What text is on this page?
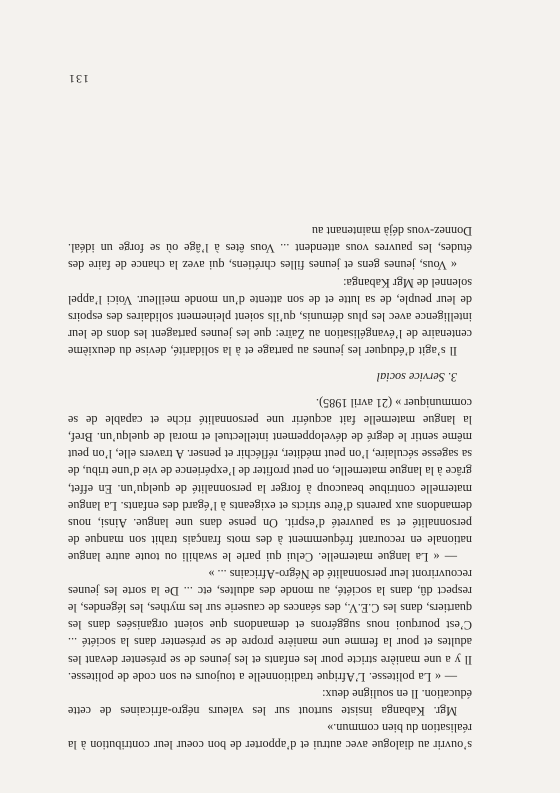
s’ouvrir au dialogue avec autrui et d’apporter de bon coeur leur contribution à la réalisation du bien commun.»

Mgr. Kabanga insiste surtout sur les valeurs négro-africaines de cette éducation. Il en souligne deux:

— « La politesse. L’Afrique traditionnelle a toujours eu son code de politesse. Il y a une manière stricte pour les enfants et les jeunes de se présenter devant les adultes et pour la femme une manière propre de se présenter dans la société ... C’est pourquoi nous suggérons et demandons que soient organisées dans les quartiers, dans les C.E.V., des séances de causerie sur les mythes, les légendes, le respect dû, dans la société, au monde des adultes, etc ... De la sorte les jeunes recouvriront leur personnalité de Négro-Africains ... »

— « La langue maternelle. Celui qui parle le swahili ou toute autre langue nationale en recourant fréquemment à des mots français trahit son manque de personnalité et sa pauvreté d’esprit. On pense dans une langue. Ainsi, nous demandons aux parents d’être stricts et exigeants à l’égard des enfants. La langue maternelle contribue beaucoup à forger la personnalité de quelqu’un. En effet, grâce à la langue maternelle, on peut profiter de l’expérience de vie d’une tribu, de sa sagesse séculaire, l’on peut méditer, réfléchir et penser. A travers elle, l’on peut même sentir le degré de développement intellectuel et moral de quelqu’un. Bref, la langue maternelle fait acquérir une personnalité riche et capable de se communiquer » (21 avril 1985).

3. Service social

Il s’agit d’éduquer les jeunes au partage et à la solidarité, devise du deuxième centenaire de l’évangélisation au Zaïre: que les jeunes partagent les dons de leur intelligence avec les plus démunis, qu’ils soient pleinement solidaires des espoirs de leur peuple, de sa lutte et de son attente d’un monde meilleur. Voici l’appel solennel de Mgr Kabanga:

« Vous, jeunes gens et jeunes filles chrétiens, qui avez la chance de faire des études, les pauvres vous attendent ... Vous êtes à l’âge où se forge un idéal. Donnez-vous déjà maintenant au

131
